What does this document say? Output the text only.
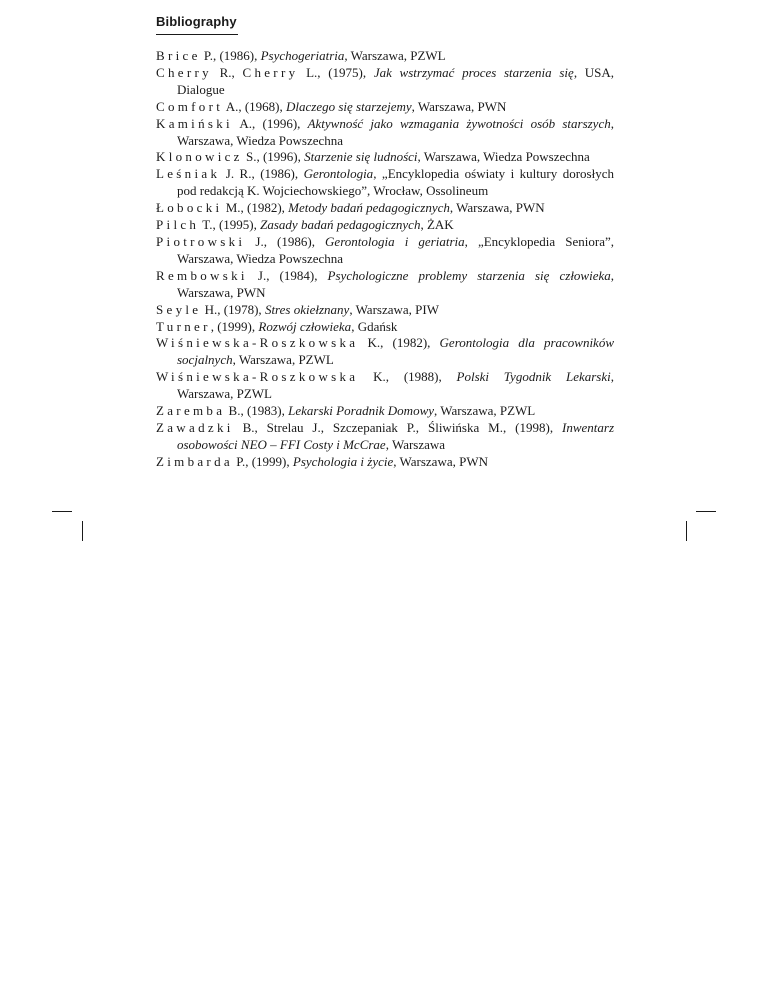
Bibliography
Brice P., (1986), Psychogeriatria, Warszawa, PZWL
Cherry R., Cherry L., (1975), Jak wstrzymać proces starzenia się, USA, Dialogue
Comfort A., (1968), Dlaczego się starzejemy, Warszawa, PWN
Kamiński A., (1996), Aktywność jako wzmagania żywotności osób starszych, Warszawa, Wiedza Powszechna
Klonowicz S., (1996), Starzenie się ludności, Warszawa, Wiedza Powszechna
Leśniak J. R., (1986), Gerontologia, „Encyklopedia oświaty i kultury dorosłych pod redakcją K. Wojciechowskiego”, Wrocław, Ossolineum
Łobocki M., (1982), Metody badań pedagogicznych, Warszawa, PWN
Pilch T., (1995), Zasady badań pedagogicznych, ŻAK
Piotrowski J., (1986), Gerontologia i geriatria, „Encyklopedia Seniora”, Warszawa, Wiedza Powszechna
Rembowski J., (1984), Psychologiczne problemy starzenia się człowieka, Warszawa, PWN
Seyle H., (1978), Stres okiełznany, Warszawa, PIW
Turner, (1999), Rozwój człowieka, Gdańsk
Wiśniewska-Roszkowska K., (1982), Gerontologia dla pracowników socjalnych, Warszawa, PZWL
Wiśniewska-Roszkowska K., (1988), Polski Tygodnik Lekarski, Warszawa, PZWL
Zaremba B., (1983), Lekarski Poradnik Domowy, Warszawa, PZWL
Zawadzki B., Strelau J., Szczepaniak P., Śliwińska M., (1998), Inwentarz osobowości NEO – FFI Costy i McCrae, Warszawa
Zimbarda P., (1999), Psychologia i życie, Warszawa, PWN
